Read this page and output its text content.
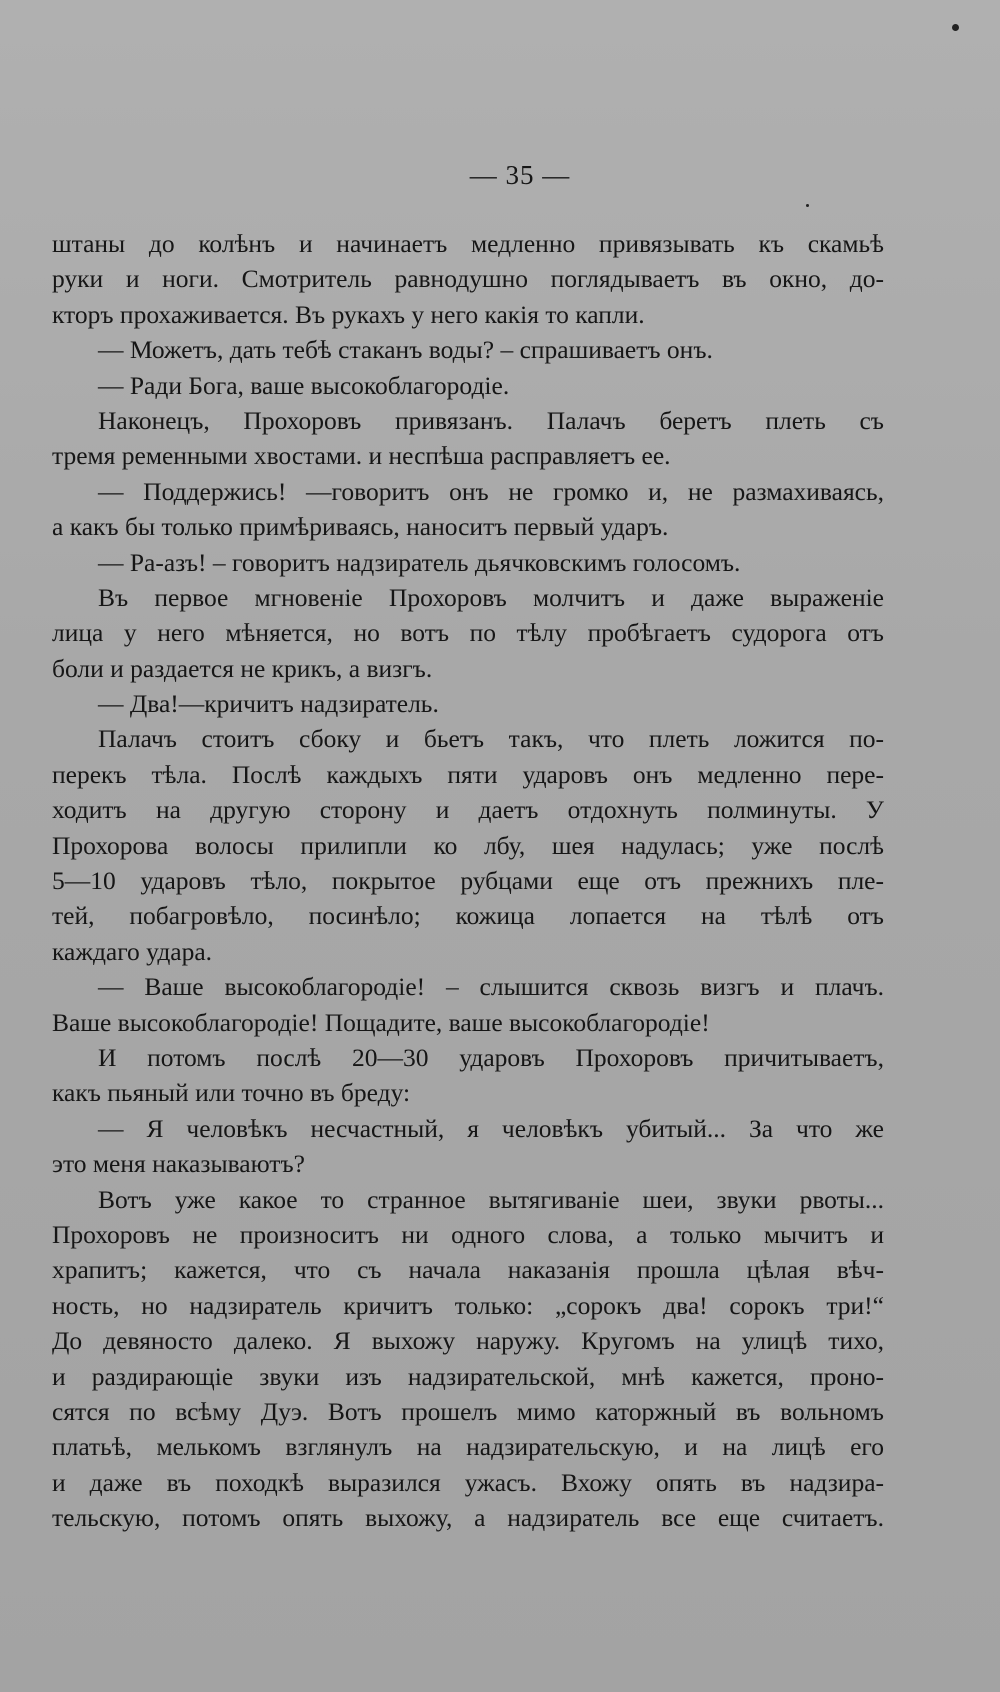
— 35 —
штаны до колѣнъ и начинаетъ медленно привязывать къ скамьѣ
руки и ноги. Смотритель равнодушно поглядываетъ въ окно, до-
кторъ прохаживается. Въ рукахъ у него какія то капли.
— Можетъ, дать тебѣ стаканъ воды? – спрашиваетъ онъ.
— Ради Бога, ваше высокоблагородіе.
Наконецъ, Прохоровъ привязанъ. Палачъ беретъ плеть съ
тремя ременными хвостами. и неспѣша расправляетъ ее.
— Поддержись! —говоритъ онъ не громко и, не размахиваясь,
а какъ бы только примѣриваясь, наноситъ первый ударъ.
— Ра-азъ! – говоритъ надзиратель дьячковскимъ голосомъ.
Въ первое мгновеніе Прохоровъ молчитъ и даже выраженіе
лица у него мѣняется, но вотъ по тѣлу пробѣгаетъ судорога отъ
боли и раздается не крикъ, а визгъ.
— Два!—кричитъ надзиратель.
Палачъ стоитъ сбоку и бьетъ такъ, что плеть ложится по-
перекъ тѣла. Послѣ каждыхъ пяти ударовъ онъ медленно пере-
ходитъ на другую сторону и даетъ отдохнуть полминуты. У
Прохорова волосы прилипли ко лбу, шея надулась; уже послѣ
5—10 ударовъ тѣло, покрытое рубцами еще отъ прежнихъ пле-
тей, побагровѣло, посинѣло; кожица лопается на тѣлѣ отъ
каждаго удара.
— Ваше высокоблагородіе! – слышится сквозь визгъ и плачъ.
Ваше высокоблагородіе! Пощадите, ваше высокоблагородіе!
И потомъ послѣ 20—30 ударовъ Прохоровъ причитываетъ,
какъ пьяный или точно въ бреду:
— Я человѣкъ несчастный, я человѣкъ убитый... За что же
это меня наказываютъ?
Вотъ уже какое то странное вытягиваніе шеи, звуки рвоты...
Прохоровъ не произноситъ ни одного слова, а только мычитъ и
храпитъ; кажется, что съ начала наказанія прошла цѣлая вѣч-
ность, но надзиратель кричитъ только: „сорокъ два! сорокъ три!“
До девяносто далеко. Я выхожу наружу. Кругомъ на улицѣ тихо,
и раздирающіе звуки изъ надзирательской, мнѣ кажется, проно-
сятся по всѣму Дуэ. Вотъ прошелъ мимо каторжный въ вольномъ
платьѣ, мелькомъ взглянулъ на надзирательскую, и на лицѣ его
и даже въ походкѣ выразился ужасъ. Вхожу опять въ надзира-
тельскую, потомъ опять выхожу, а надзиратель все еще считаетъ.
